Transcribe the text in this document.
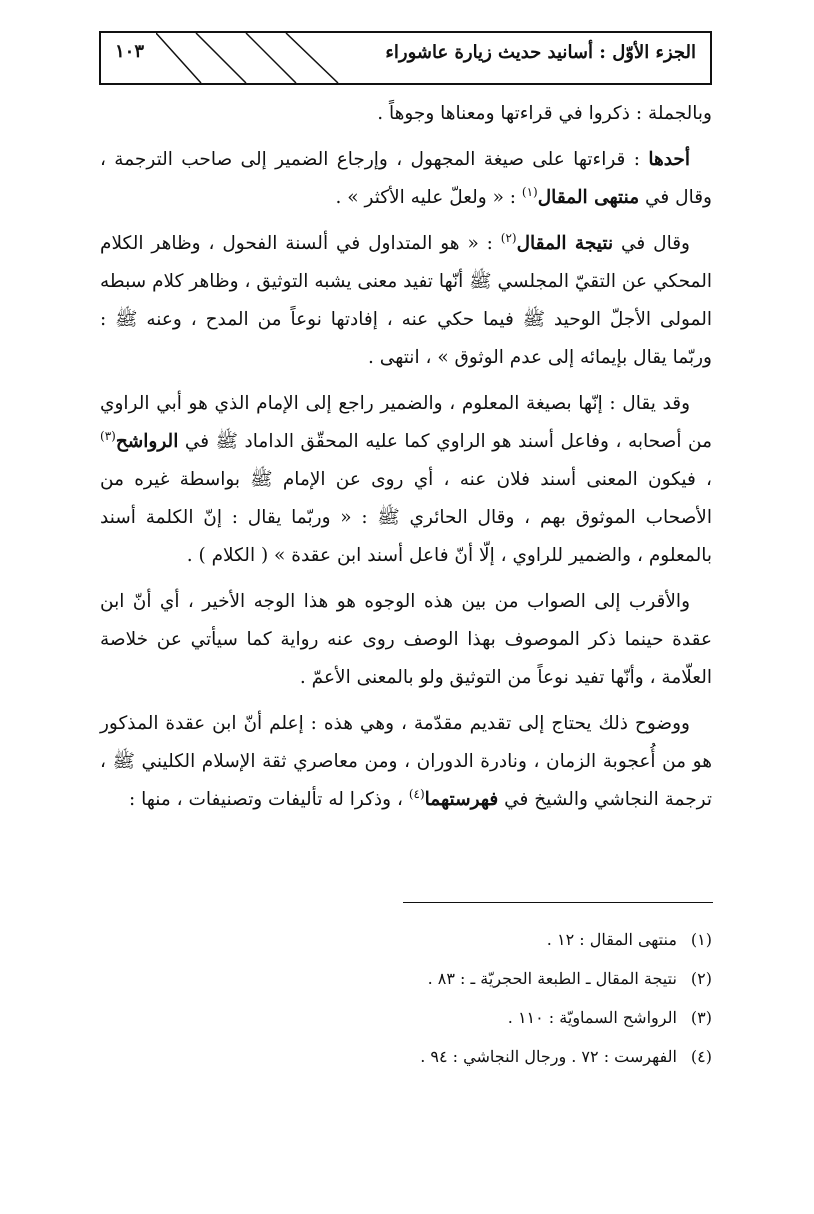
الجزء الأوّل : أسانيد حديث زيارة عاشوراء
١٠٣

وبالجملة : ذكروا في قراءتها ومعناها وجوهاً .

أحدها : قراءتها على صيغة المجهول ، وإرجاع الضمير إلى صاحب الترجمة ، وقال في منتهى المقال$^{(١)}$ : « ولعلّ عليه الأكثر » .

وقال في نتيجة المقال$^{(٢)}$ : « هو المتداول في ألسنة الفحول ، وظاهر الكلام المحكي عن التقيّ المجلسي ﷺ أنّها تفيد معنى يشبه التوثيق ، وظاهر كلام سبطه المولى الأجلّ الوحيد ﷺ فيما حكي عنه ، إفادتها نوعاً من المدح ، وعنه ﷺ : وربّما يقال بإيمائه إلى عدم الوثوق » ، انتهى .

وقد يقال : إنّها بصيغة المعلوم ، والضمير راجع إلى الإمام الذي هو أبي الراوي من أصحابه ، وفاعل أسند هو الراوي كما عليه المحقّق الداماد ﷺ في الرواشح$^{(٣)}$ ، فيكون المعنى أسند فلان عنه ، أي روى عن الإمام ﷺ بواسطة غيره من الأصحاب الموثوق بهم ، وقال الحائري ﷺ : « وربّما يقال : إنّ الكلمة أسند بالمعلوم ، والضمير للراوي ، إلّا أنّ فاعل أسند ابن عقدة » ( الكلام ) .

والأقرب إلى الصواب من بين هذه الوجوه هو هذا الوجه الأخير ، أي أنّ ابن عقدة حينما ذكر الموصوف بهذا الوصف روى عنه رواية كما سيأتي عن خلاصة العلّامة ، وأنّها تفيد نوعاً من التوثيق ولو بالمعنى الأعمّ .

ووضوح ذلك يحتاج إلى تقديم مقدّمة ، وهي هذه : إعلم أنّ ابن عقدة المذكور هو من أُعجوبة الزمان ، ونادرة الدوران ، ومن معاصري ثقة الإسلام الكليني ﷺ ، ترجمة النجاشي والشيخ في فهرستهما$^{(٤)}$ ، وذكرا له تأليفات وتصنيفات ، منها :

(١)منتهى المقال : ١٢ .
(٢)نتيجة المقال ـ الطبعة الحجريّة ـ : ٨٣ .
(٣)الرواشح السماويّة : ١١٠ .
(٤)الفهرست : ٧٢ . ورجال النجاشي : ٩٤ .
